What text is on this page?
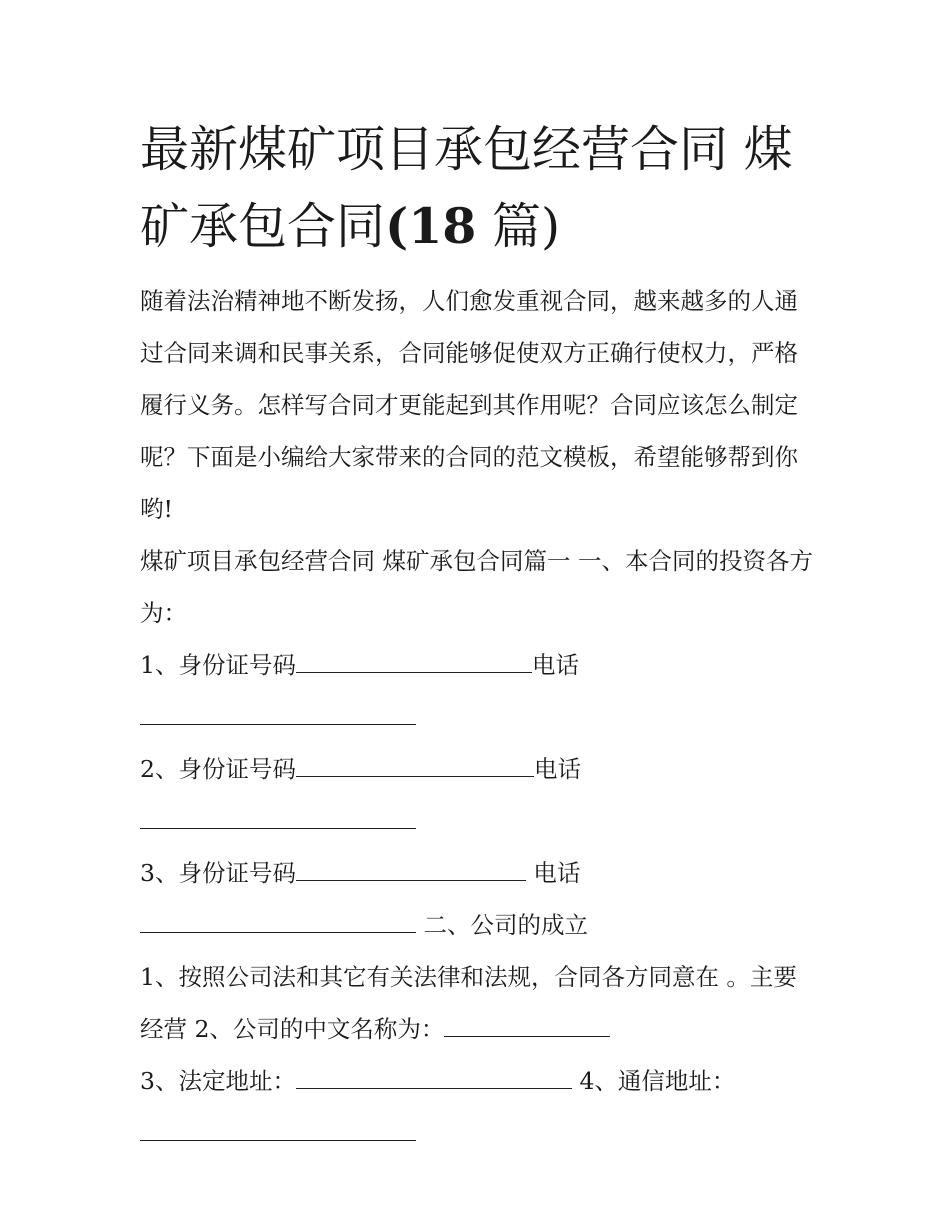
最新煤矿项目承包经营合同 煤
矿承包合同(18 篇)
随着法治精神地不断发扬，人们愈发重视合同，越来越多的人通过合同来调和民事关系，合同能够促使双方正确行使权力，严格履行义务。怎样写合同才更能起到其作用呢？合同应该怎么制定呢？下面是小编给大家带来的合同的范文模板，希望能够帮到你哟!
煤矿项目承包经营合同 煤矿承包合同篇一 一、本合同的投资各方为：
1、身份证号码	电话
2、身份证号码	电话
3、身份证号码	电话
二、公司的成立
1、按照公司法和其它有关法律和法规，合同各方同意在 。主要经营 2、公司的中文名称为：
3、法定地址：	4、通信地址：
